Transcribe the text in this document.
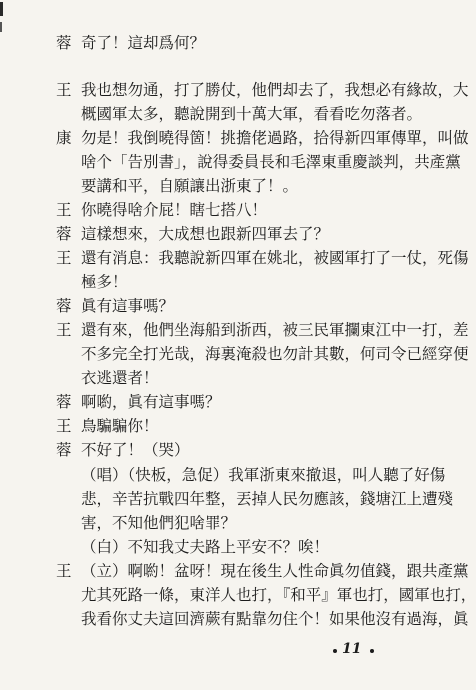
蓉 奇了！這却爲何？
王 我也想勿通，打了勝仗，他們却去了，我想必有緣故，大
概國軍太多，聽說開到十萬大軍，看看吃勿落者。
康 勿是！我倒曉得箇！挑擔佬過路，拾得新四軍傳單，叫做
啥个「告別書」，說得委員長和毛澤東重慶談判，共產黨
要講和平，自願讓出浙東了！。
王 你曉得啥介屁！瞎七搭八！
蓉 這樣想來，大成想也跟新四軍去了？
王 還有消息：我聽說新四軍在姚北，被國軍打了一仗，死傷
極多！
蓉 眞有這事嗎？
王 還有來，他們坐海船到浙西，被三民軍攔東江中一打，差
不多完全打光哉，海裏淹殺也勿計其數，何司令已經穿便
衣逃還者！
蓉 啊喲，眞有這事嗎？
王 鳥騙騙你！
蓉 不好了！（哭）
（唱）（快板，急促）我軍浙東來撤退，叫人聽了好傷
悲，辛苦抗戰四年整，丟掉人民勿應該，錢塘江上遭殘
害，不知他們犯啥罪？
（白）不知我丈夫路上平安不？唉！
王 （立）啊喲！盆呀！現在後生人性命眞勿值錢，跟共產黨
尤其死路一條，東洋人也打，『和平』軍也打，國軍也打，
我看你丈夫這回濟蕨有點靠勿住个！如果他沒有過海，眞
11
